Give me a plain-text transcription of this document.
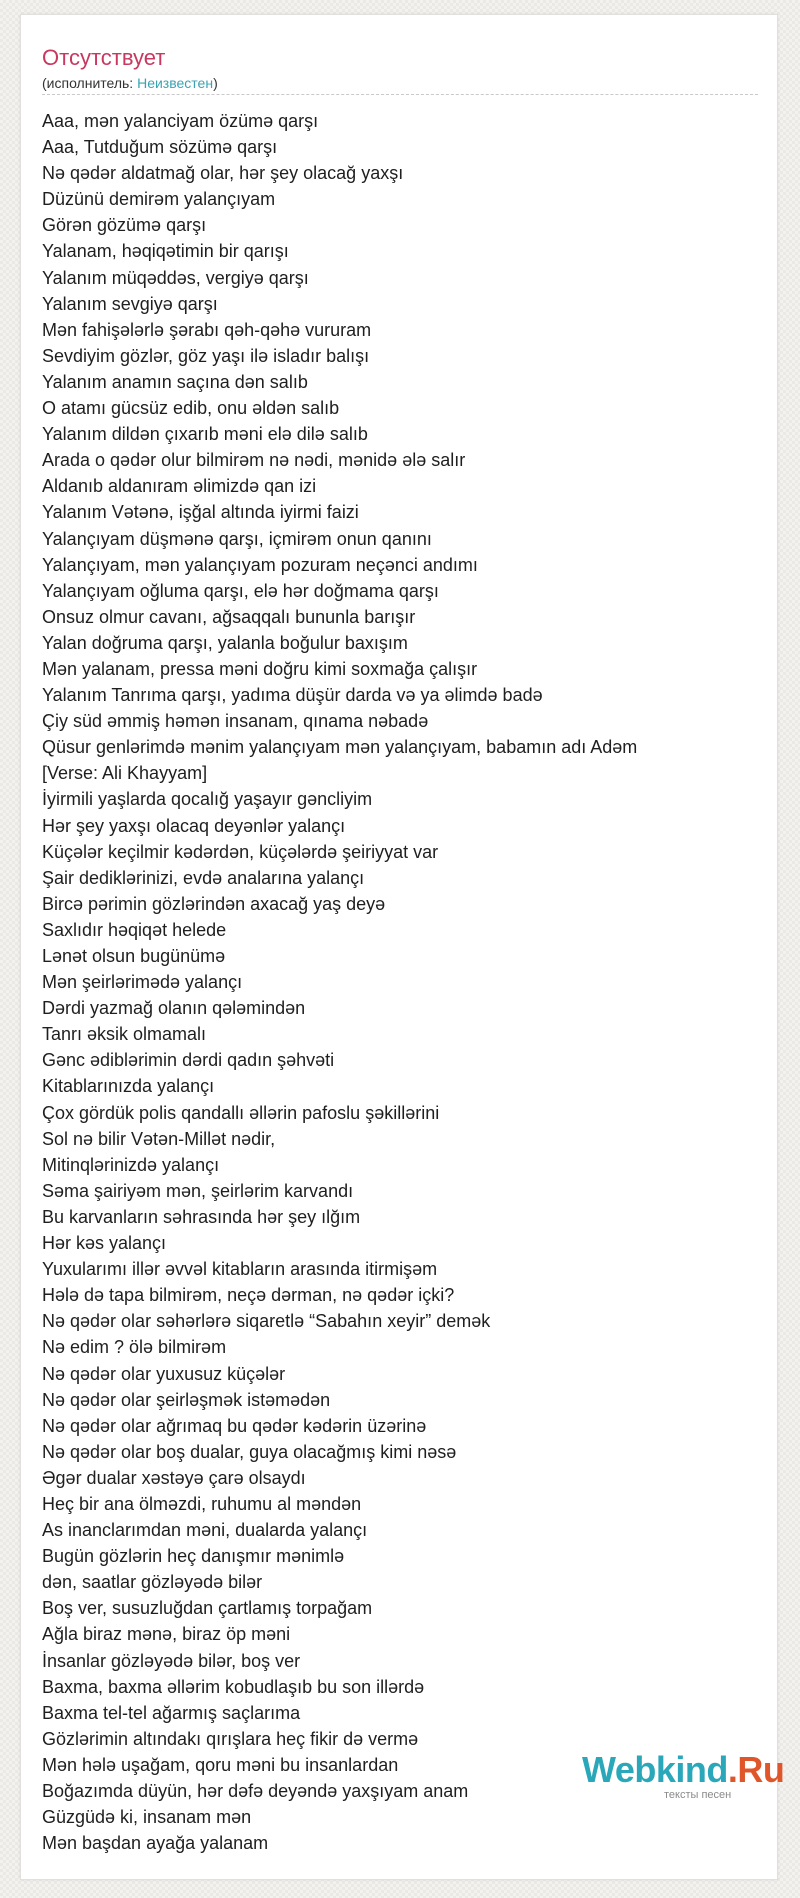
Отсутствует
(исполнитель: Неизвестен)
Aaa, mən yalanciyam özümə qarşı
Aaa, Tutduğum sözümə qarşı
Nə qədər aldatmağ olar, hər şey olacağ yaxşı
Düzünü demirəm yalançıyam
Görən gözümə qarşı
Yalanam, həqiqətimin bir qarışı
Yalanım müqəddəs, vergiyə qarşı
Yalanım sevgiyə qarşı
Mən fahişələrlə şərabı qəh-qəhə vururam
Sevdiyim gözlər, göz yaşı ilə isladır balışı
Yalanım anamın saçına dən salıb
O atamı gücsüz edib, onu əldən salıb
Yalanım dildən çıxarıb məni elə dilə salıb
Arada o qədər olur bilmirəm nə nədi, mənidə ələ salır
Aldanıb aldanıram əlimizdə qan izi
Yalanım Vətənə, işğal altında iyirmi faizi
Yalançıyam düşmənə qarşı, içmirəm onun qanını
Yalançıyam, mən yalançıyam pozuram neçənci andımı
Yalançıyam oğluma qarşı, elə hər doğmama qarşı
Onsuz olmur cavanı, ağsaqqalı bununla barışır
Yalan doğruma qarşı, yalanla boğulur baxışım
Mən yalanam, pressa məni doğru kimi soxmağa çalışır
Yalanım Tanrıma qarşı, yadıma düşür darda və ya əlimdə badə
Çiy süd əmmiş həmən insanam, qınama nəbadə
Qüsur genlərimdə mənim yalançıyam mən yalançıyam, babamın adı Adəm
[Verse: Ali Khayyam]
İyirmili yaşlarda qocalığ yaşayır gəncliyim
Hər şey yaxşı olacaq deyənlər yalançı
Küçələr keçilmir kədərdən, küçələrdə şeiriyyat var
Şair dediklərinizi, evdə analarına yalançı
Bircə pərimin gözlərindən axacağ yaş deyə
Saxlıdır həqiqət helede
Lənət olsun bugünümə
Mən şeirlərimədə yalançı
Dərdi yazmağ olanın qələmindən
Tanrı əksik olmamalı
Gənc ədiblərimin dərdi qadın şəhvəti
Kitablarınızda yalançı
Çox gördük polis qandallı əllərin pafoslu şəkillərini
Sol nə bilir Vətən-Millət nədir,
Mitinqlərinizdə yalançı
Səma şairiyəm mən, şeirlərim karvandı
Bu karvanların səhrasında hər şey ılğım
Hər kəs yalançı
Yuxularımı illər əvvəl kitabların arasında itirmişəm
Hələ də tapa bilmirəm, neçə dərman, nə qədər içki?
Nə qədər olar səhərlərə siqaretlə “Sabahın xeyir” demək
Nə edim ? ölə bilmirəm
Nə qədər olar yuxusuz küçələr
Nə qədər olar şeirləşmək istəmədən
Nə qədər olar ağrımaq bu qədər kədərin üzərinə
Nə qədər olar boş dualar, guya olacağmış kimi nəsə
Əgər dualar xəstəyə çarə olsaydı
Heç bir ana ölməzdi, ruhumu al məndən
As inanclarımdan məni, dualarda yalançı
Bugün gözlərin heç danışmır mənimlə
dən, saatlar gözləyədə bilər
Boş ver, susuzluğdan çartlamış torpağam
Ağla biraz mənə, biraz öp məni
İnsanlar gözləyədə bilər, boş ver
Baxma, baxma əllərim kobudlaşıb bu son illərdə
Baxma tel-tel ağarmış saçlarıma
Gözlərimin altındakı qırışlara heç fikir də vermə
Mən hələ uşağam, qoru məni bu insanlardan
Boğazımda düyün, hər dəfə deyəndə yaxşıyam anam
Güzgüdə ki, insanam mən
Mən başdan ayağa yalanam
Webkind.Ru
тексты песен
